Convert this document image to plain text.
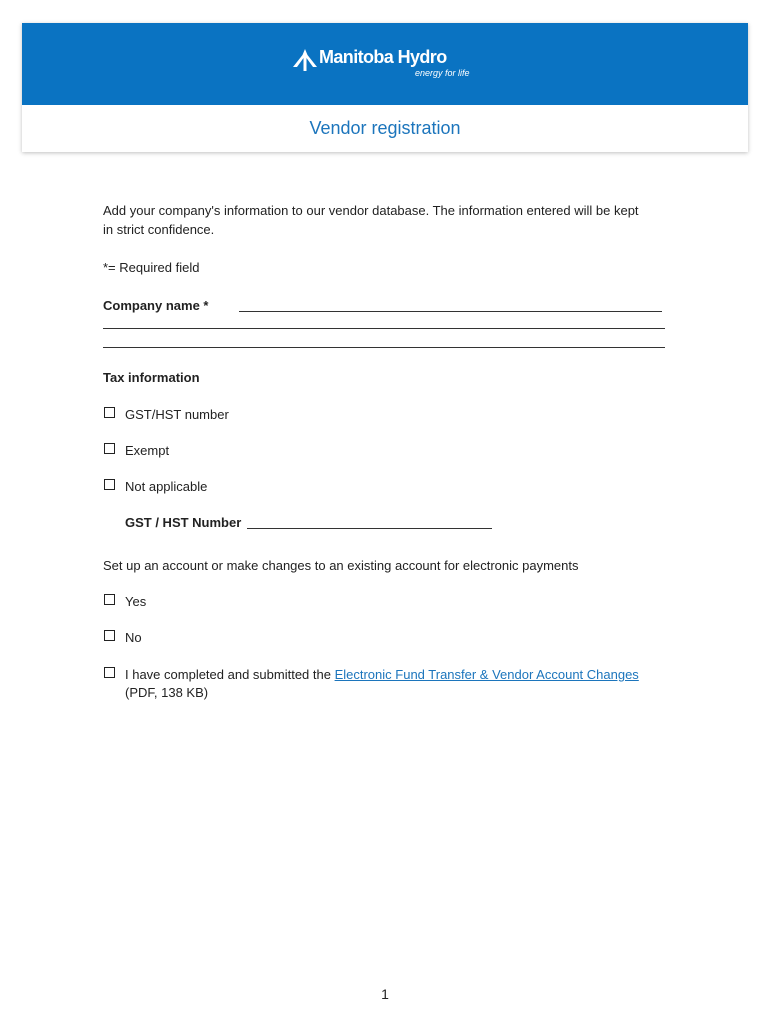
Manitoba Hydro
energy for life
Vendor registration
Add your company's information to our vendor database. The information entered will be kept
in strict confidence.
*= Required field
Company name *
Tax information
GST/HST number
Exempt
Not applicable
GST / HST Number
Set up an account or make changes to an existing account for electronic payments
Yes
No
I have completed and submitted the Electronic Fund Transfer & Vendor Account Changes
(PDF, 138 KB)
1
